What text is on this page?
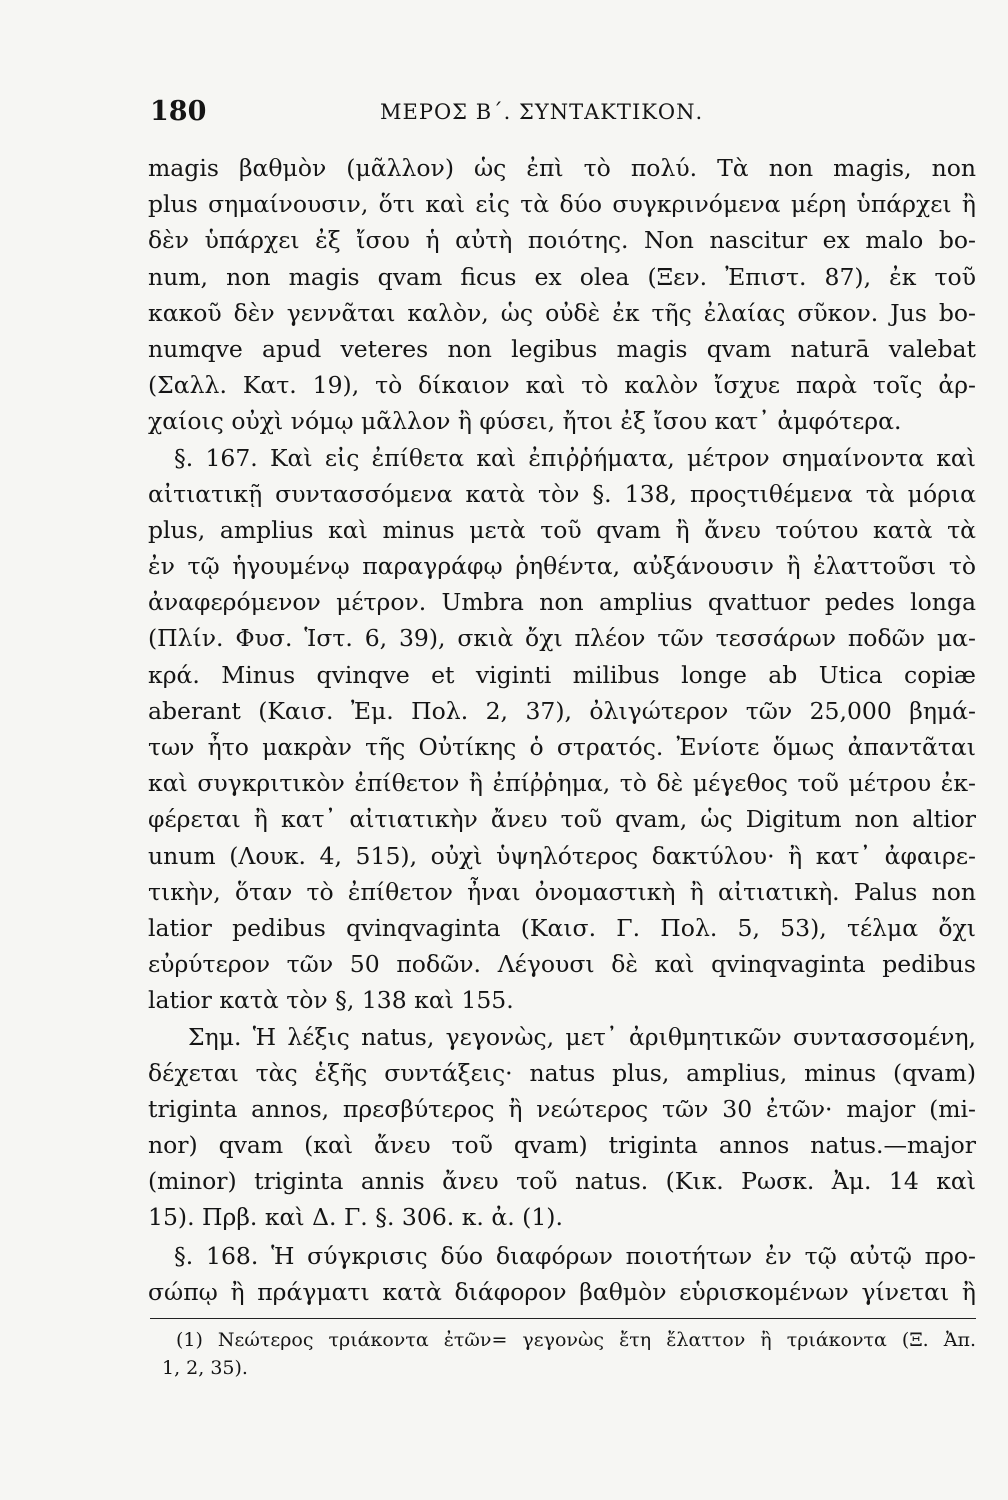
180	ΜΕΡΟΣ Β΄. ΣΥΝΤΑΚΤΙΚΟΝ.
magis βαθμὸν (μᾶλλον) ὡς ἐπὶ τὸ πολύ. Τὰ non magis, non
plus σημαίνουσιν, ὅτι καὶ εἰς τὰ δύο συγκρινόμενα μέρη ὑπάρχει ἢ
δὲν ὑπάρχει ἐξ ἴσου ἡ αὐτὴ ποιότης. Non nascitur ex malo bo-
num, non magis qvam ficus ex olea (Ξεν. Ἐπιστ. 87), ἐκ τοῦ
κακοῦ δὲν γεννᾶται καλὸν, ὡς οὐδὲ ἐκ τῆς ἐλαίας σῦκον. Jus bo-
numqve apud veteres non legibus magis qvam naturā valebat
(Σαλλ. Κατ. 19), τὸ δίκαιον καὶ τὸ καλὸν ἴσχυε παρὰ τοῖς ἀρ-
χαίοις οὐχὶ νόμῳ μᾶλλον ἢ φύσει, ἤτοι ἐξ ἴσου κατ᾽ ἀμφότερα.
§. 167. Καὶ εἰς ἐπίθετα καὶ ἐπιῤῥήματα, μέτρον σημαίνοντα καὶ
αἰτιατικῇ συντασσόμενα κατὰ τὸν §. 138, προςτιθέμενα τὰ μόρια
plus, amplius καὶ minus μετὰ τοῦ qvam ἢ ἄνευ τούτου κατὰ τὰ
ἐν τῷ ἡγουμένῳ παραγράφῳ ῥηθέντα, αὐξάνουσιν ἢ ἐλαττοῦσι τὸ
ἀναφερόμενον μέτρον. Umbra non amplius qvattuor pedes longa
(Πλίν. Φυσ. Ἱστ. 6, 39), σκιὰ ὄχι πλέον τῶν τεσσάρων ποδῶν μα-
κρά. Minus qvinqve et viginti milibus longe ab Utica copiæ
aberant (Καισ. Ἐμ. Πολ. 2, 37), ὀλιγώτερον τῶν 25,000 βημά-
των ἦτο μακρὰν τῆς Οὐτίκης ὁ στρατός. Ἐνίοτε ὅμως ἀπαντᾶται
καὶ συγκριτικὸν ἐπίθετον ἢ ἐπίῤῥημα, τὸ δὲ μέγεθος τοῦ μέτρου ἐκ-
φέρεται ἢ κατ᾽ αἰτιατικὴν ἄνευ τοῦ qvam, ὡς Digitum non altior
unum (Λουκ. 4, 515), οὐχὶ ὑψηλότερος δακτύλου· ἢ κατ᾽ ἀφαιρε-
τικὴν, ὅταν τὸ ἐπίθετον ἦναι ὀνομαστικὴ ἢ αἰτιατικὴ. Palus non
latior pedibus qvinqvaginta (Καισ. Γ. Πολ. 5, 53), τέλμα ὄχι
εὐρύτερον τῶν 50 ποδῶν. Λέγουσι δὲ καὶ qvinqvaginta pedibus
latior κατὰ τὸν §, 138 καὶ 155.
Σημ. Ἡ λέξις natus, γεγονὼς, μετ᾽ ἀριθμητικῶν συντασσομένη,
δέχεται τὰς ἑξῆς συντάξεις· natus plus, amplius, minus (qvam)
triginta annos, πρεσβύτερος ἢ νεώτερος τῶν 30 ἐτῶν· major (mi-
nor) qvam (καὶ ἄνευ τοῦ qvam) triginta annos natus.—major
(minor) triginta annis ἄνευ τοῦ natus. (Κικ. Ρωσκ. Ἀμ. 14 καὶ
15). Πρβ. καὶ Δ. Γ. §. 306. κ. ἀ. (1).
§. 168. Ἡ σύγκρισις δύο διαφόρων ποιοτήτων ἐν τῷ αὐτῷ προ-
σώπῳ ἢ πράγματι κατὰ διάφορον βαθμὸν εὑρισκομένων γίνεται ἢ
(1) Νεώτερος τριάκοντα ἐτῶν= γεγονὼς ἔτη ἔλαττον ἢ τριάκοντα (Ξ. Ἀπ.
1, 2, 35).
